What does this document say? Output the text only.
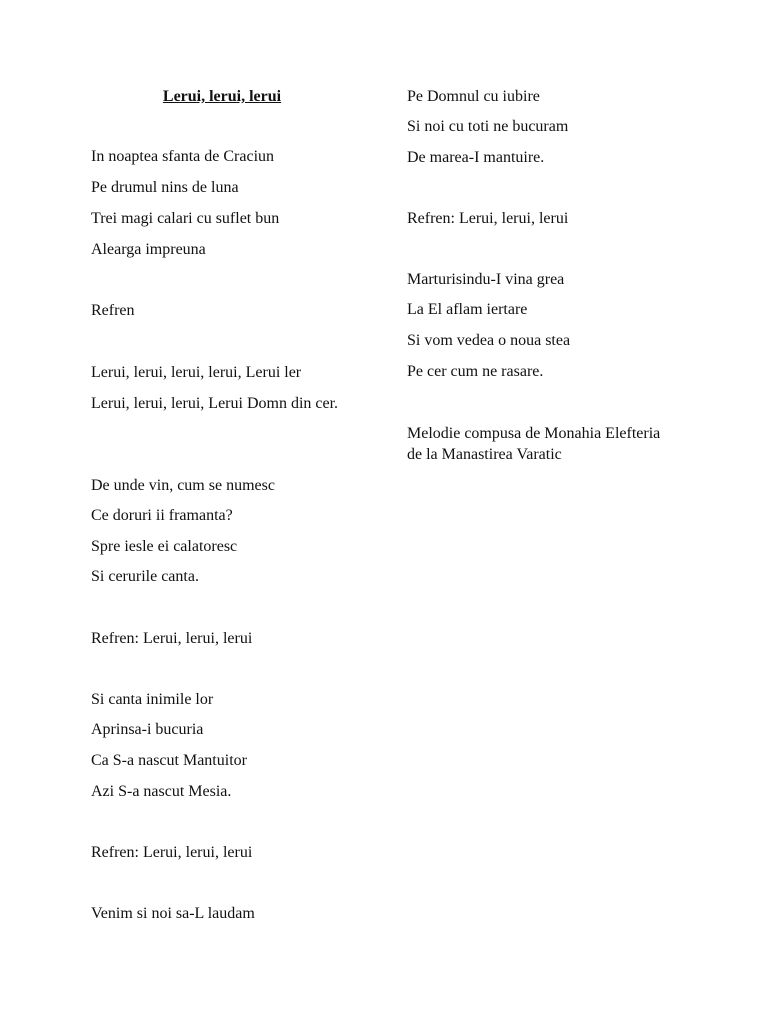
Lerui, lerui, lerui
In noaptea sfanta de Craciun
Pe drumul nins de luna
Trei magi calari cu suflet bun
Alearga impreuna
Refren
Lerui, lerui, lerui, lerui, Lerui ler
Lerui, lerui, lerui, Lerui Domn din cer.
De unde vin, cum se numesc
Ce doruri ii framanta?
Spre iesle ei calatoresc
Si cerurile canta.
Refren: Lerui, lerui, lerui
Si canta inimile lor
Aprinsa-i bucuria
Ca S-a nascut Mantuitor
Azi S-a nascut Mesia.
Refren: Lerui, lerui, lerui
Venim si noi sa-L laudam
Pe Domnul cu iubire
Si noi cu toti ne bucuram
De marea-I mantuire.
Refren: Lerui, lerui, lerui
Marturisindu-I vina grea
La El aflam iertare
Si vom vedea o noua stea
Pe cer cum ne rasare.
Melodie compusa de Monahia Elefteria de la Manastirea Varatic
